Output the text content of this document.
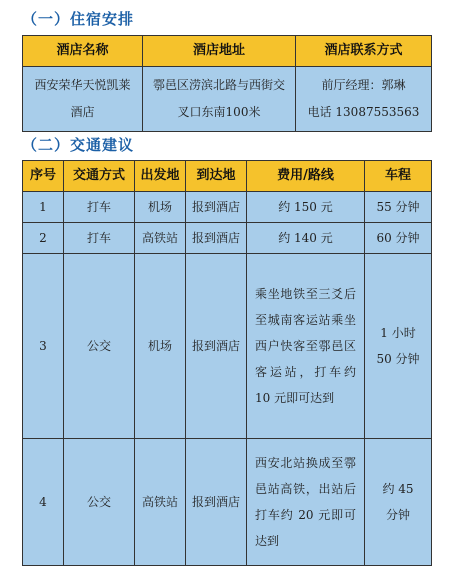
（一）住宿安排
酒店名称	酒店地址	酒店联系方式
西安荣华天悦凯莱酒店	鄠邑区涝滨北路与西街交叉口东南100米	前厅经理：郭琳
电话 13087553563
（二）交通建议
序号	交通方式	出发地	到达地	费用/路线	车程
1	打车	机场	报到酒店	约 150 元	55 分钟
2	打车	高铁站	报到酒店	约 140 元	60 分钟
3	公交	机场	报到酒店	乘坐地铁至三爻后至城南客运站乘坐西户快客至鄠邑区客运站，打车约 10 元即可达到	1 小时 50 分钟
4	公交	高铁站	报到酒店	西安北站换成至鄠邑站高铁，出站后打车约 20 元即可达到	约 45 分钟
